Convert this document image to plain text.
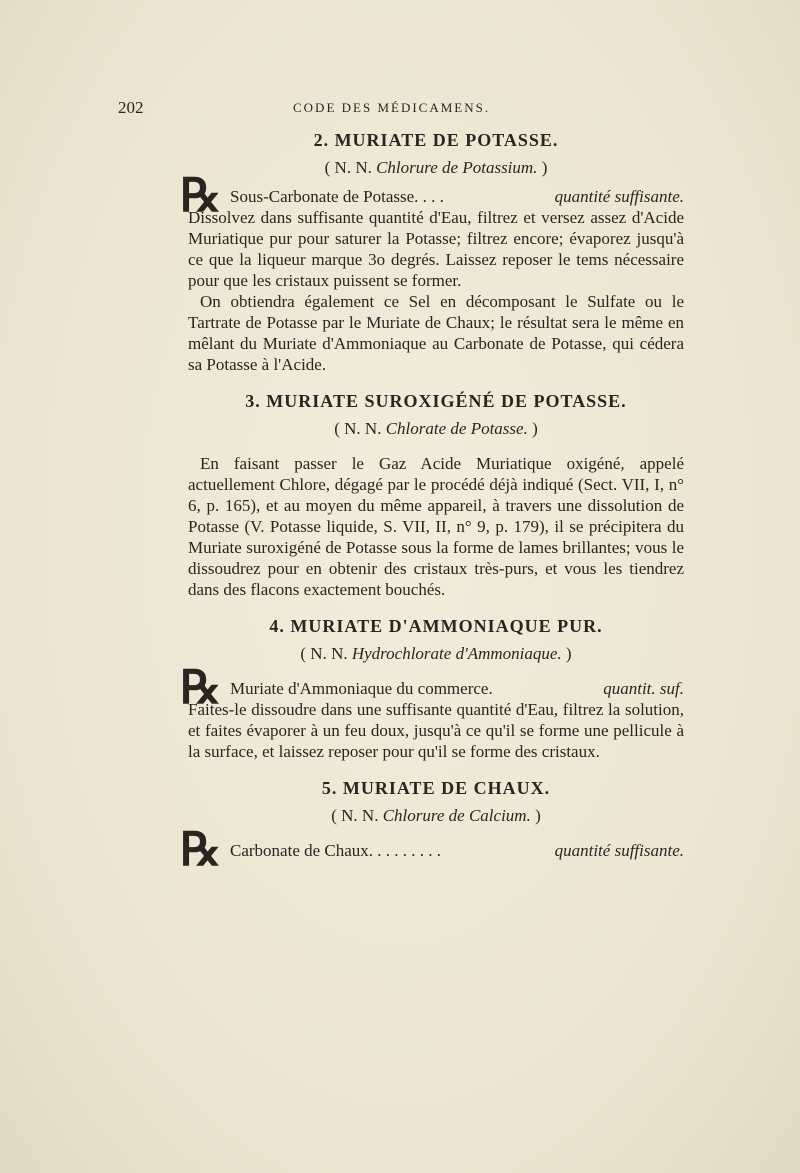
202	CODE DES MÉDICAMENS.
2. MURIATE DE POTASSE.
( N. N. Chlorure de Potassium. )

℞ Sous-Carbonate de Potasse. . . .	quantité suffisante.

Dissolvez dans suffisante quantité d'Eau, filtrez et versez assez d'Acide Muriatique pur pour saturer la Potasse; filtrez encore; évaporez jusqu'à ce que la liqueur marque 3o degrés. Laissez reposer le tems nécessaire pour que les cristaux puissent se former.

On obtiendra également ce Sel en décomposant le Sulfate ou le Tartrate de Potasse par le Muriate de Chaux; le résultat sera le même en mêlant du Muriate d'Ammoniaque au Carbonate de Potasse, qui cédera sa Potasse à l'Acide.

3. MURIATE SUROXIGÉNÉ DE POTASSE.
( N. N. Chlorate de Potasse. )

En faisant passer le Gaz Acide Muriatique oxigéné, appelé actuellement Chlore, dégagé par le procédé déjà indiqué (Sect. VII, I, n° 6, p. 165), et au moyen du même appareil, à travers une dissolution de Potasse (V. Potasse liquide, S. VII, II, n° 9, p. 179), il se précipitera du Muriate suroxigéné de Potasse sous la forme de lames brillantes; vous le dissoudrez pour en obtenir des cristaux très-purs, et vous les tiendrez dans des flacons exactement bouchés.

4. MURIATE D'AMMONIAQUE PUR.
( N. N. Hydrochlorate d'Ammoniaque. )

℞ Muriate d'Ammoniaque du commerce.	quantit. suf.

Faites-le dissoudre dans une suffisante quantité d'Eau, filtrez la solution, et faites évaporer à un feu doux, jusqu'à ce qu'il se forme une pellicule à la surface, et laissez reposer pour qu'il se forme des cristaux.

5. MURIATE DE CHAUX.
( N. N. Chlorure de Calcium. )

℞ Carbonate de Chaux. . . . . . . . .	quantité suffisante.
